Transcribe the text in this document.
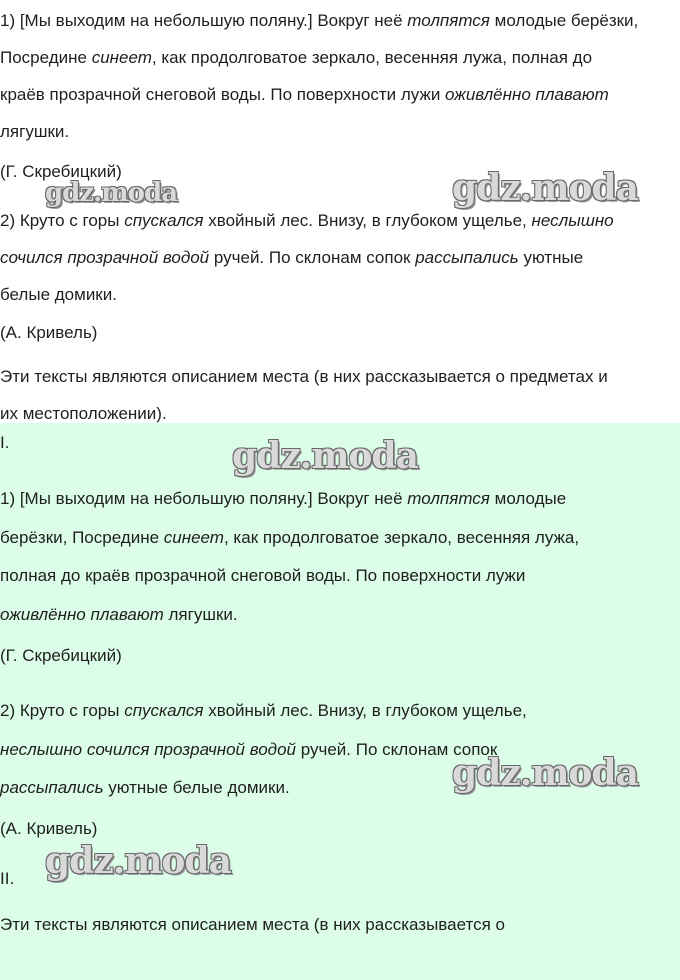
1) [Мы выходим на небольшую поляну.] Вокруг неё толпятся молодые берёзки,
Посредине синеет, как продолговатое зеркало, весенняя лужа, полная до
краёв прозрачной снеговой воды. По поверхности лужи оживлённо плавают
лягушки.
(Г. Скребицкий)
2) Круто с горы спускался хвойный лес. Внизу, в глубоком ущелье, неслышно
сочился прозрачной водой ручей. По склонам сопок рассыпались уютные
белые домики.
(А. Кривель)
Эти тексты являются описанием места (в них рассказывается о предметах и
их местоположении).
I.
1) [Мы выходим на небольшую поляну.] Вокруг неё толпятся молодые
берёзки, Посредине синеет, как продолговатое зеркало, весенняя лужа,
полная до краёв прозрачной снеговой воды. По поверхности лужи
оживлённо плавают лягушки.
(Г. Скребицкий)
2) Круто с горы спускался хвойный лес. Внизу, в глубоком ущелье,
неслышно сочился прозрачной водой ручей. По склонам сопок
рассыпались уютные белые домики.
(А. Кривель)
II.
Эти тексты являются описанием места (в них рассказывается о
gdz.moda	gdz.moda
gdz.moda
gdz.moda
gdz.moda
